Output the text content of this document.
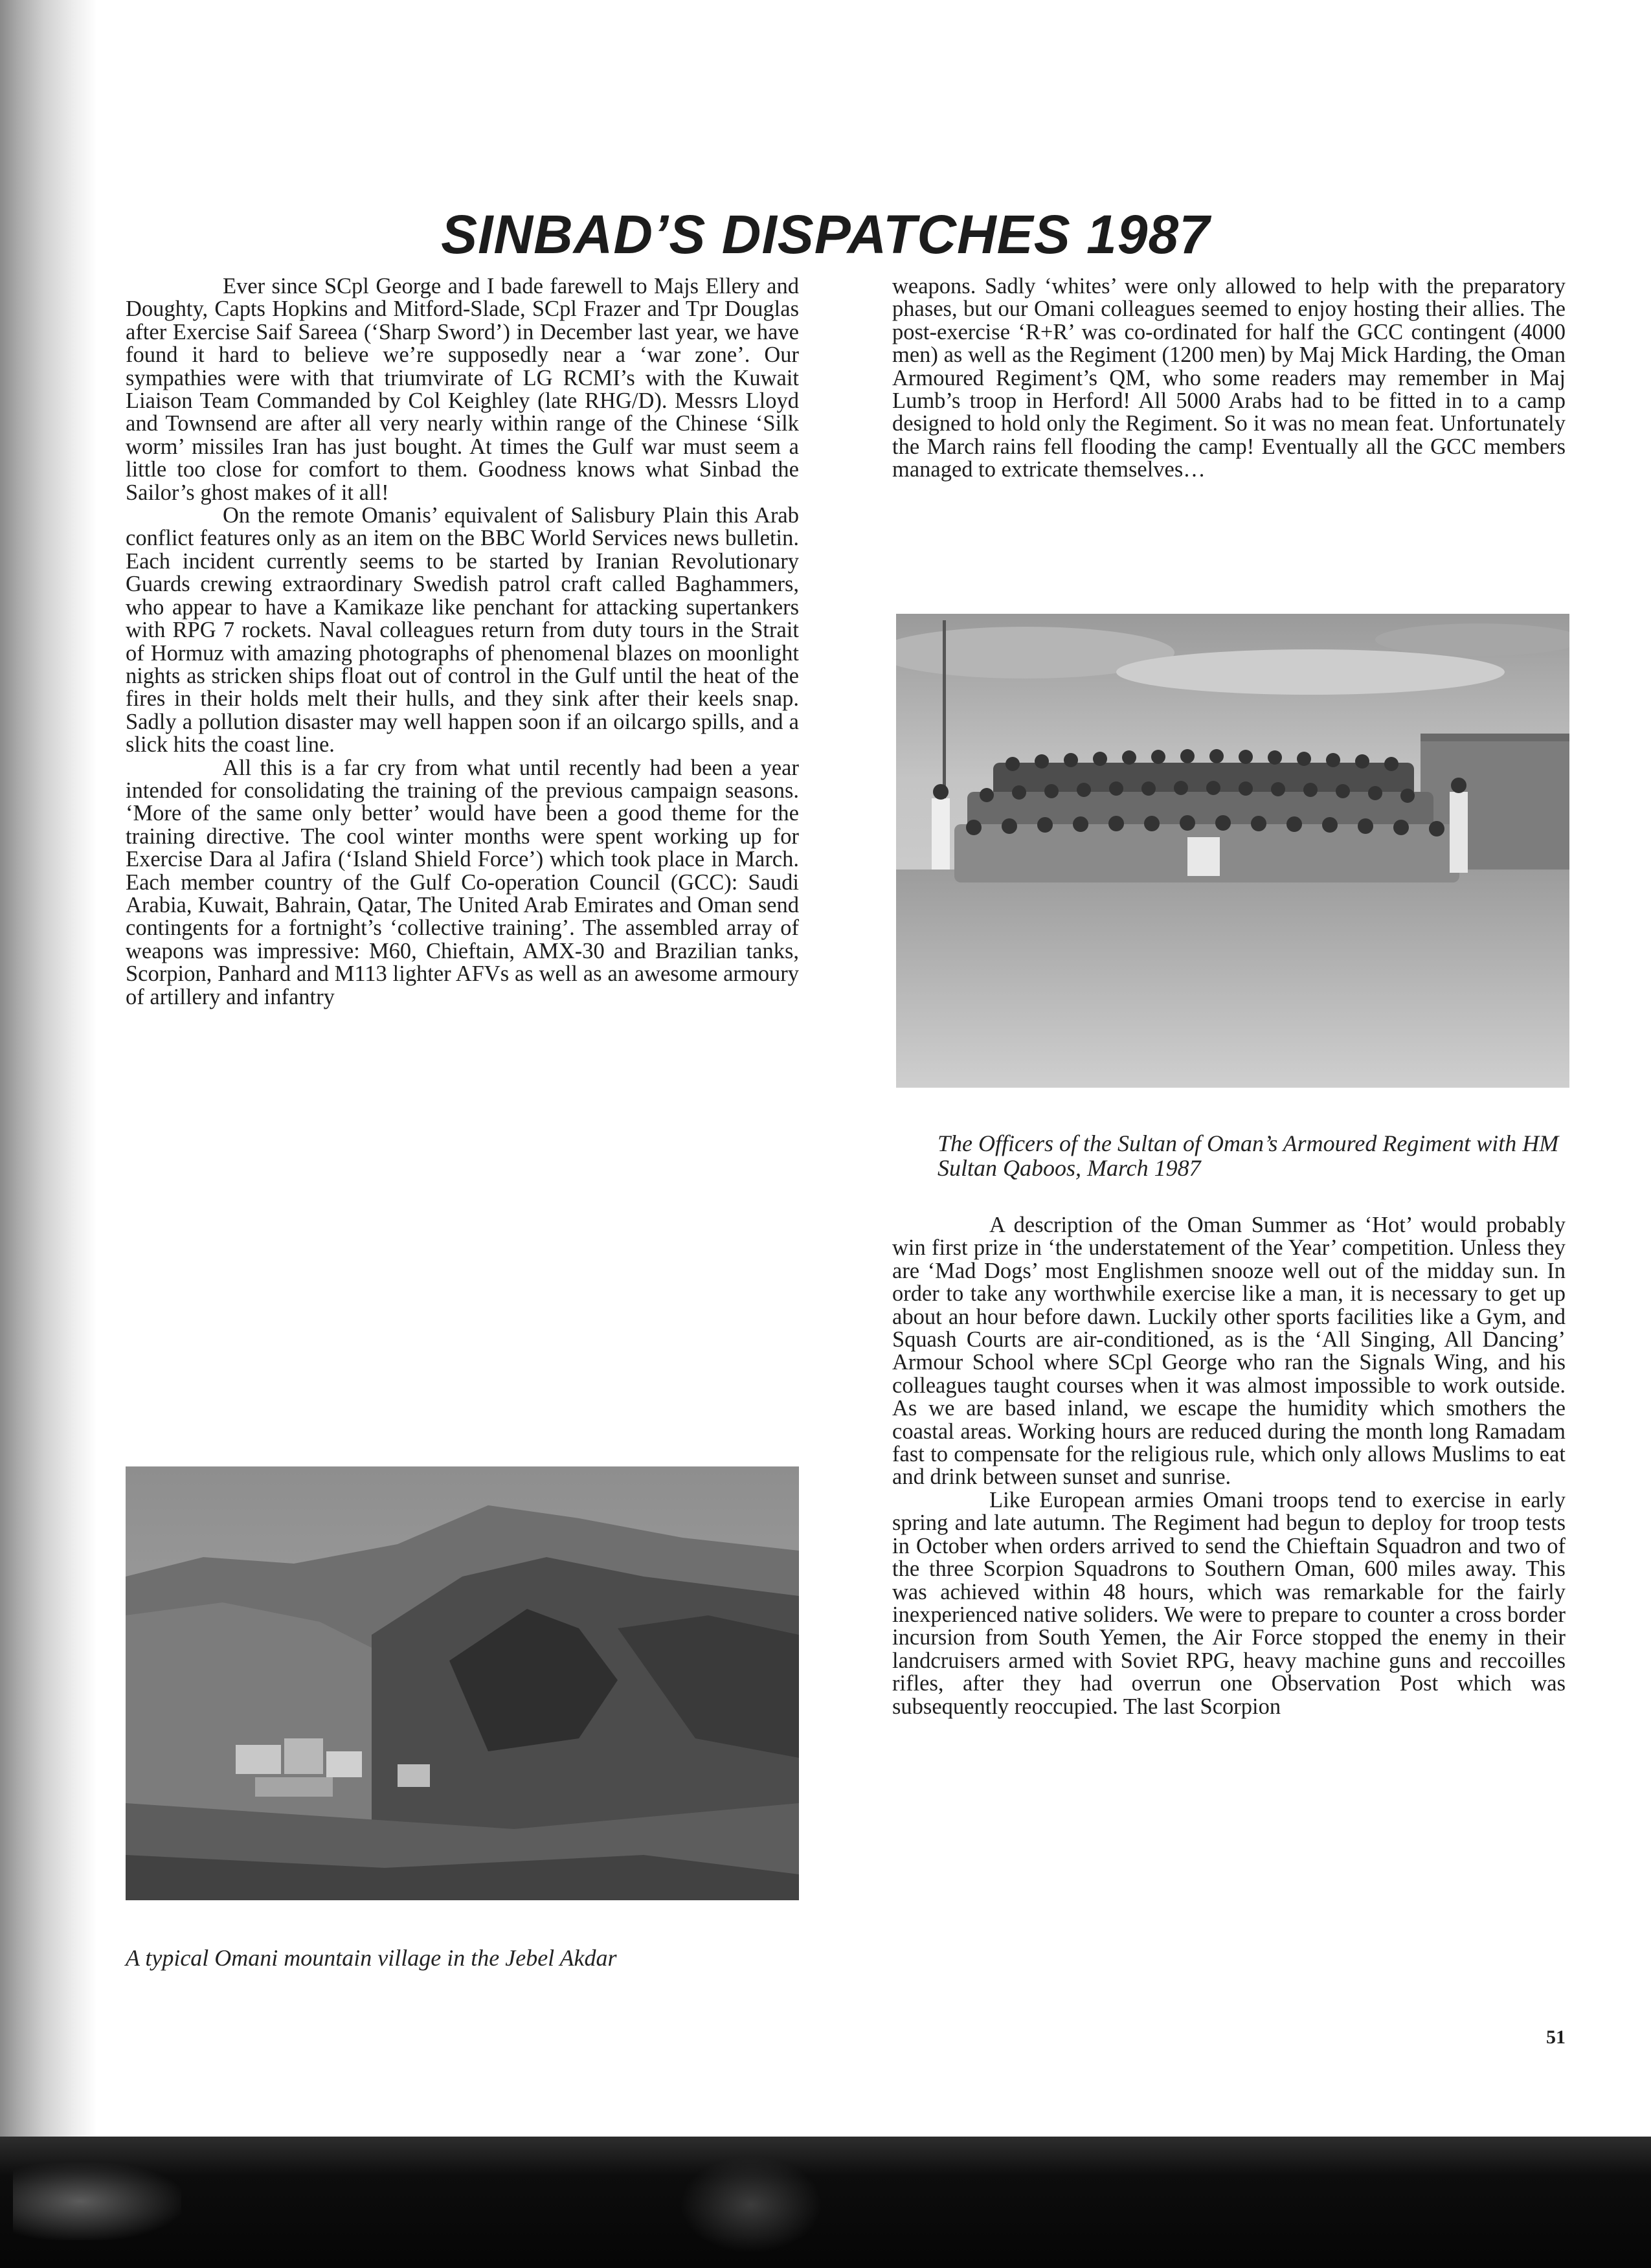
SINBAD’S DISPATCHES 1987

Ever since SCpl George and I bade farewell to Majs Ellery and Doughty, Capts Hopkins and Mitford-Slade, SCpl Frazer and Tpr Douglas after Exercise Saif Sareea (‘Sharp Sword’) in December last year, we have found it hard to believe we’re supposedly near a ‘war zone’. Our sympathies were with that triumvirate of LG RCMI’s with the Kuwait Liaison Team Commanded by Col Keighley (late RHG/D). Messrs Lloyd and Townsend are after all very nearly within range of the Chinese ‘Silk worm’ missiles Iran has just bought. At times the Gulf war must seem a little too close for comfort to them. Goodness knows what Sinbad the Sailor’s ghost makes of it all!

On the remote Omanis’ equivalent of Salisbury Plain this Arab conflict features only as an item on the BBC World Services news bulletin. Each incident currently seems to be started by Iranian Revolutionary Guards crewing extraordinary Swedish patrol craft called Baghammers, who appear to have a Kamikaze like penchant for attacking supertankers with RPG 7 rockets. Naval colleagues return from duty tours in the Strait of Hormuz with amazing photographs of phenomenal blazes on moonlight nights as stricken ships float out of control in the Gulf until the heat of the fires in their holds melt their hulls, and they sink after their keels snap. Sadly a pollution disaster may well happen soon if an oilcargo spills, and a slick hits the coast line.

All this is a far cry from what until recently had been a year intended for consolidating the training of the previous campaign seasons. ‘More of the same only better’ would have been a good theme for the training directive. The cool winter months were spent working up for Exercise Dara al Jafira (‘Island Shield Force’) which took place in March. Each member country of the Gulf Co-operation Council (GCC): Saudi Arabia, Kuwait, Bahrain, Qatar, The United Arab Emirates and Oman send contingents for a fortnight’s ‘collective training’. The assembled array of weapons was impressive: M60, Chieftain, AMX-30 and Brazilian tanks, Scorpion, Panhard and M113 lighter AFVs as well as an awesome armoury of artillery and infantry

weapons. Sadly ‘whites’ were only allowed to help with the preparatory phases, but our Omani colleagues seemed to enjoy hosting their allies. The post-exercise ‘R+R’ was co-ordinated for half the GCC contingent (4000 men) as well as the Regiment (1200 men) by Maj Mick Harding, the Oman Armoured Regiment’s QM, who some readers may remember in Maj Lumb’s troop in Herford! All 5000 Arabs had to be fitted in to a camp designed to hold only the Regiment. So it was no mean feat. Unfortunately the March rains fell flooding the camp! Eventually all the GCC members managed to extricate themselves…

The Officers of the Sultan of Oman’s Armoured Regiment with HM Sultan Qaboos, March 1987

A description of the Oman Summer as ‘Hot’ would probably win first prize in ‘the understatement of the Year’ competition. Unless they are ‘Mad Dogs’ most Englishmen snooze well out of the midday sun. In order to take any worthwhile exercise like a man, it is necessary to get up about an hour before dawn. Luckily other sports facilities like a Gym, and Squash Courts are air-conditioned, as is the ‘All Singing, All Dancing’ Armour School where SCpl George who ran the Signals Wing, and his colleagues taught courses when it was almost impossible to work outside. As we are based inland, we escape the humidity which smothers the coastal areas. Working hours are reduced during the month long Ramadam fast to compensate for the religious rule, which only allows Muslims to eat and drink between sunset and sunrise.

Like European armies Omani troops tend to exercise in early spring and late autumn. The Regiment had begun to deploy for troop tests in October when orders arrived to send the Chieftain Squadron and two of the three Scorpion Squadrons to Southern Oman, 600 miles away. This was achieved within 48 hours, which was remarkable for the fairly inexperienced native soliders. We were to prepare to counter a cross border incursion from South Yemen, the Air Force stopped the enemy in their landcruisers armed with Soviet RPG, heavy machine guns and reccoilles rifles, after they had overrun one Observation Post which was subsequently reoccupied. The last Scorpion

A typical Omani mountain village in the Jebel Akdar
51
